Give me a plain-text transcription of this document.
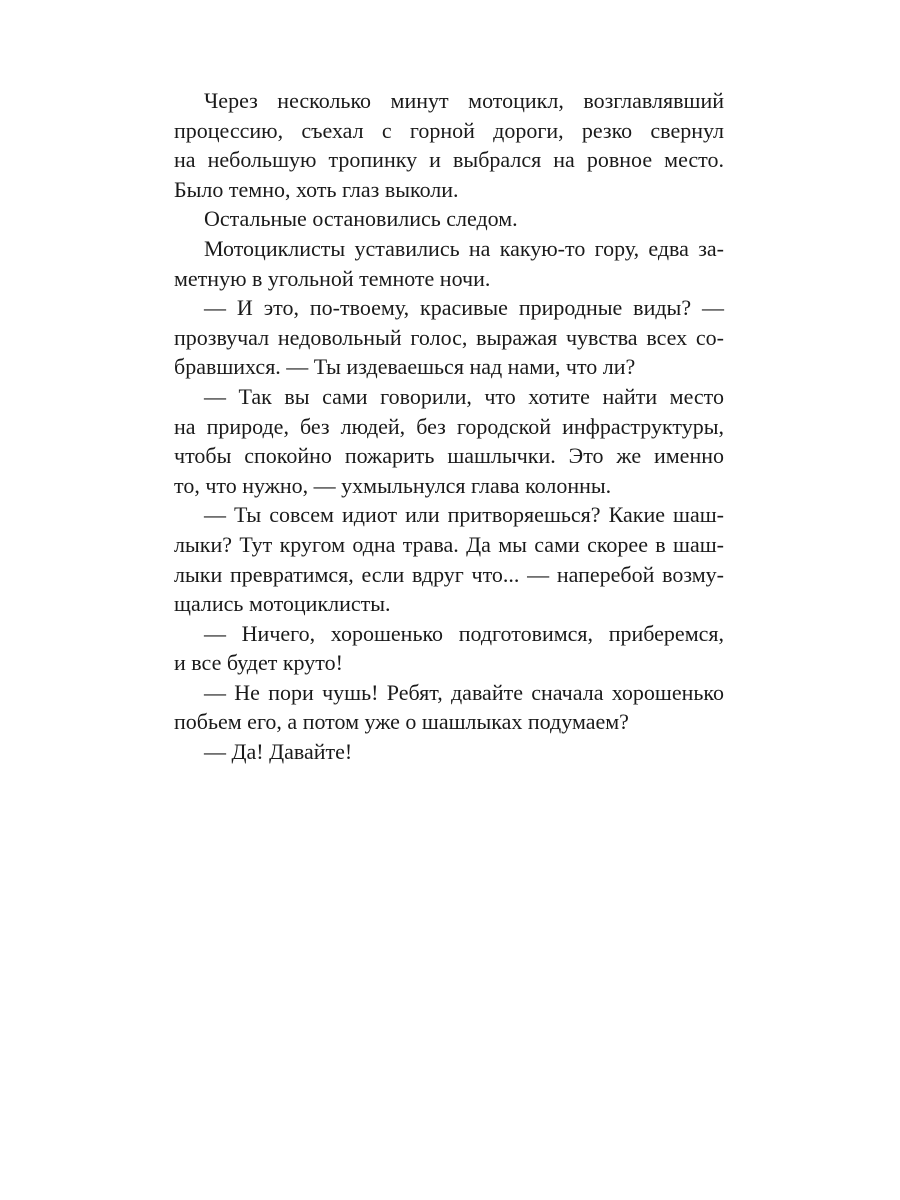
Через несколько минут мотоцикл, возглавлявший
процессию, съехал с горной дороги, резко свернул
на небольшую тропинку и выбрался на ровное место.
Было темно, хоть глаз выколи.

Остальные остановились следом.

Мотоциклисты уставились на какую-то гору, едва за-
метную в угольной темноте ночи.

— И это, по-твоему, красивые природные виды? —
прозвучал недовольный голос, выражая чувства всех со-
бравшихся. — Ты издеваешься над нами, что ли?

— Так вы сами говорили, что хотите найти место
на природе, без людей, без городской инфраструктуры,
чтобы спокойно пожарить шашлычки. Это же именно
то, что нужно, — ухмыльнулся глава колонны.

— Ты совсем идиот или притворяешься? Какие шаш-
лыки? Тут кругом одна трава. Да мы сами скорее в шаш-
лыки превратимся, если вдруг что... — наперебой возму-
щались мотоциклисты.

— Ничего, хорошенько подготовимся, приберемся,
и все будет круто!

— Не пори чушь! Ребят, давайте сначала хорошенько
побьем его, а потом уже о шашлыках подумаем?

— Да! Давайте!
